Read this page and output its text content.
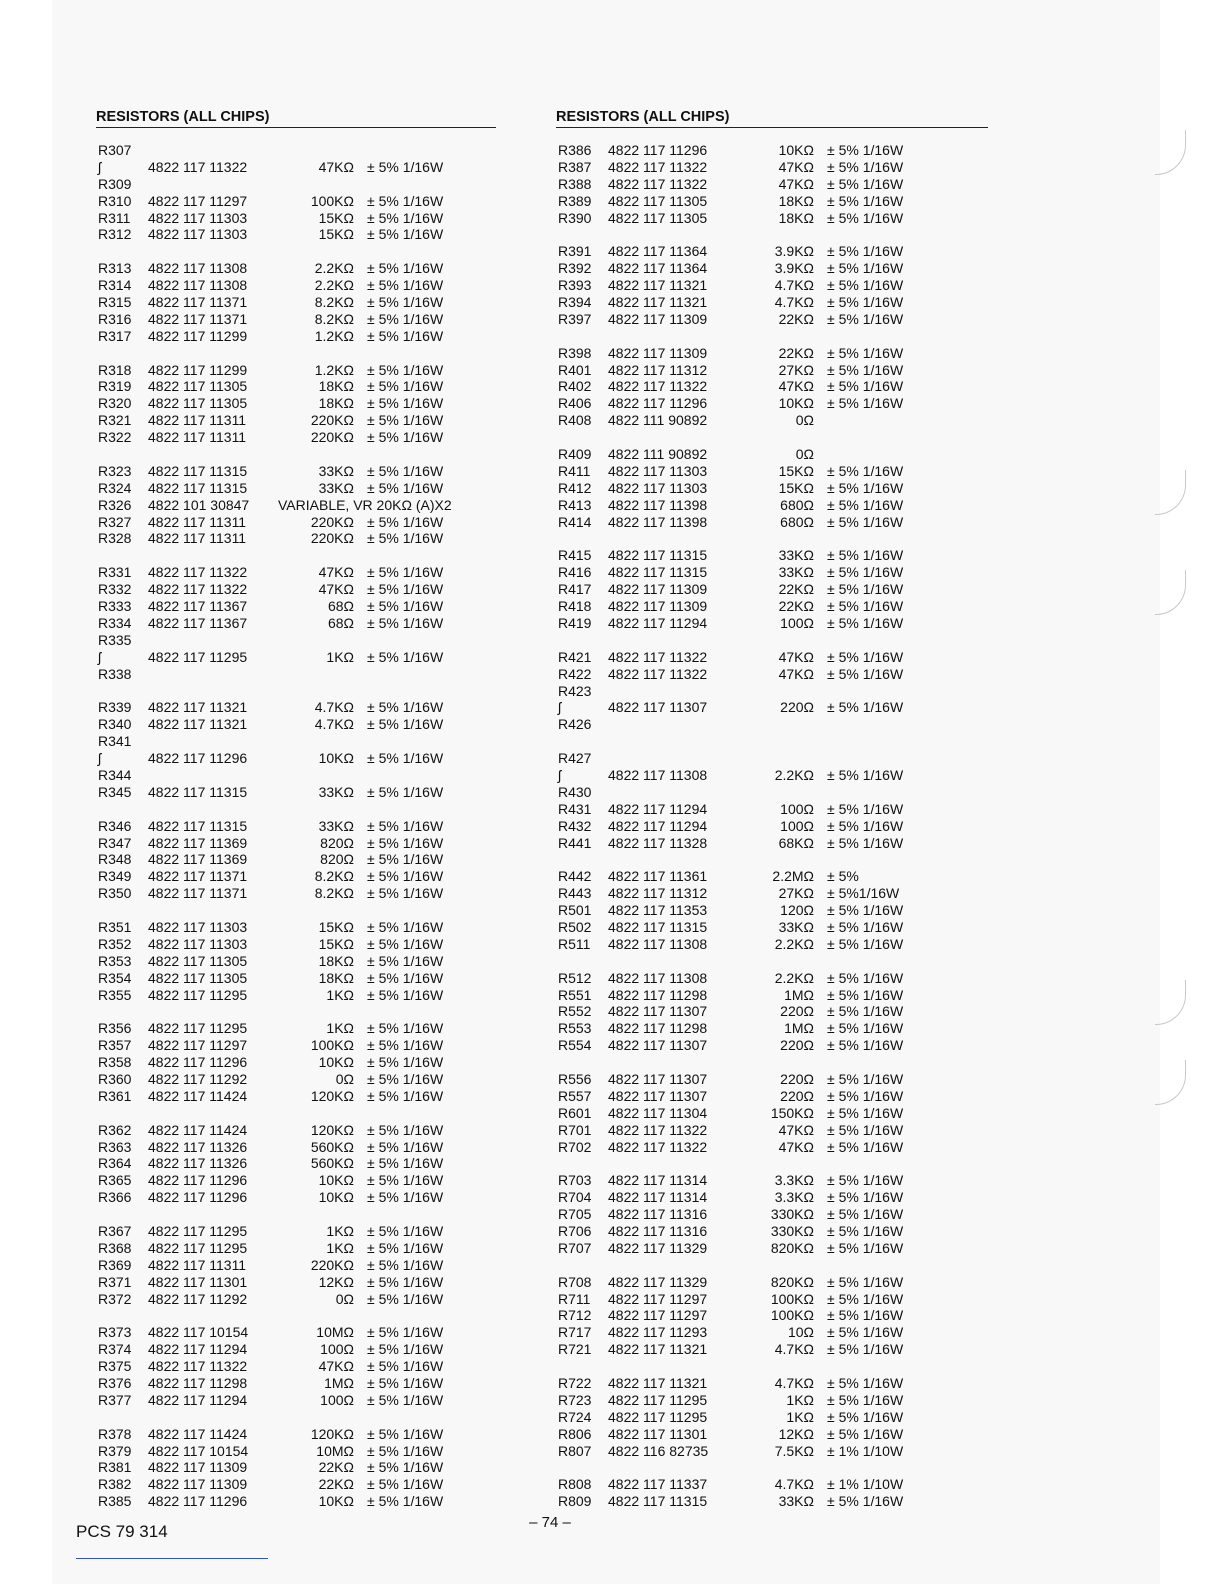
RESISTORS (ALL CHIPS)
R307
ʃ	4822 117 11322	47KΩ ± 5% 1/16W
R309
R310 4822 117 11297	100KΩ ± 5% 1/16W
R311 4822 117 11303	15KΩ ± 5% 1/16W
R312 4822 117 11303	15KΩ ± 5% 1/16W
R313 4822 117 11308	2.2KΩ ± 5% 1/16W
R314 4822 117 11308	2.2KΩ ± 5% 1/16W
R315 4822 117 11371	8.2KΩ ± 5% 1/16W
R316 4822 117 11371	8.2KΩ ± 5% 1/16W
R317 4822 117 11299	1.2KΩ ± 5% 1/16W
R318 4822 117 11299	1.2KΩ ± 5% 1/16W
R319 4822 117 11305	18KΩ ± 5% 1/16W
R320 4822 117 11305	18KΩ ± 5% 1/16W
R321 4822 117 11311	220KΩ ± 5% 1/16W
R322 4822 117 11311	220KΩ ± 5% 1/16W
R323 4822 117 11315	33KΩ ± 5% 1/16W
R324 4822 117 11315	33KΩ ± 5% 1/16W
R326 4822 101 30847 VARIABLE, VR 20KΩ (A)X2
R327 4822 117 11311	220KΩ ± 5% 1/16W
R328 4822 117 11311	220KΩ ± 5% 1/16W
R331 4822 117 11322	47KΩ ± 5% 1/16W
R332 4822 117 11322	47KΩ ± 5% 1/16W
R333 4822 117 11367	68Ω ± 5% 1/16W
R334 4822 117 11367	68Ω ± 5% 1/16W
R335
ʃ	4822 117 11295	1KΩ ± 5% 1/16W
R338
R339 4822 117 11321	4.7KΩ ± 5% 1/16W
R340 4822 117 11321	4.7KΩ ± 5% 1/16W
R341
ʃ	4822 117 11296	10KΩ ± 5% 1/16W
R344
R345 4822 117 11315	33KΩ ± 5% 1/16W
R346 4822 117 11315	33KΩ ± 5% 1/16W
R347 4822 117 11369	820Ω ± 5% 1/16W
R348 4822 117 11369	820Ω ± 5% 1/16W
R349 4822 117 11371	8.2KΩ ± 5% 1/16W
R350 4822 117 11371	8.2KΩ ± 5% 1/16W
R351 4822 117 11303	15KΩ ± 5% 1/16W
R352 4822 117 11303	15KΩ ± 5% 1/16W
R353 4822 117 11305	18KΩ ± 5% 1/16W
R354 4822 117 11305	18KΩ ± 5% 1/16W
R355 4822 117 11295	1KΩ ± 5% 1/16W
R356 4822 117 11295	1KΩ ± 5% 1/16W
R357 4822 117 11297	100KΩ ± 5% 1/16W
R358 4822 117 11296	10KΩ ± 5% 1/16W
R360 4822 117 11292	0Ω ± 5% 1/16W
R361 4822 117 11424	120KΩ ± 5% 1/16W
R362 4822 117 11424	120KΩ ± 5% 1/16W
R363 4822 117 11326	560KΩ ± 5% 1/16W
R364 4822 117 11326	560KΩ ± 5% 1/16W
R365 4822 117 11296	10KΩ ± 5% 1/16W
R366 4822 117 11296	10KΩ ± 5% 1/16W
R367 4822 117 11295	1KΩ ± 5% 1/16W
R368 4822 117 11295	1KΩ ± 5% 1/16W
R369 4822 117 11311	220KΩ ± 5% 1/16W
R371 4822 117 11301	12KΩ ± 5% 1/16W
R372 4822 117 11292	0Ω ± 5% 1/16W
R373 4822 117 10154	10MΩ ± 5% 1/16W
R374 4822 117 11294	100Ω ± 5% 1/16W
R375 4822 117 11322	47KΩ ± 5% 1/16W
R376 4822 117 11298	1MΩ ± 5% 1/16W
R377 4822 117 11294	100Ω ± 5% 1/16W
R378 4822 117 11424	120KΩ ± 5% 1/16W
R379 4822 117 10154	10MΩ ± 5% 1/16W
R381 4822 117 11309	22KΩ ± 5% 1/16W
R382 4822 117 11309	22KΩ ± 5% 1/16W
R385 4822 117 11296	10KΩ ± 5% 1/16W
RESISTORS (ALL CHIPS)
R386 4822 117 11296	10KΩ ± 5% 1/16W
R387 4822 117 11322	47KΩ ± 5% 1/16W
R388 4822 117 11322	47KΩ ± 5% 1/16W
R389 4822 117 11305	18KΩ ± 5% 1/16W
R390 4822 117 11305	18KΩ ± 5% 1/16W
R391 4822 117 11364	3.9KΩ ± 5% 1/16W
R392 4822 117 11364	3.9KΩ ± 5% 1/16W
R393 4822 117 11321	4.7KΩ ± 5% 1/16W
R394 4822 117 11321	4.7KΩ ± 5% 1/16W
R397 4822 117 11309	22KΩ ± 5% 1/16W
R398 4822 117 11309	22KΩ ± 5% 1/16W
R401 4822 117 11312	27KΩ ± 5% 1/16W
R402 4822 117 11322	47KΩ ± 5% 1/16W
R406 4822 117 11296	10KΩ ± 5% 1/16W
R408 4822 111 90892	0Ω
R409 4822 111 90892	0Ω
R411 4822 117 11303	15KΩ ± 5% 1/16W
R412 4822 117 11303	15KΩ ± 5% 1/16W
R413 4822 117 11398	680Ω ± 5% 1/16W
R414 4822 117 11398	680Ω ± 5% 1/16W
R415 4822 117 11315	33KΩ ± 5% 1/16W
R416 4822 117 11315	33KΩ ± 5% 1/16W
R417 4822 117 11309	22KΩ ± 5% 1/16W
R418 4822 117 11309	22KΩ ± 5% 1/16W
R419 4822 117 11294	100Ω ± 5% 1/16W
R421 4822 117 11322	47KΩ ± 5% 1/16W
R422 4822 117 11322	47KΩ ± 5% 1/16W
R423
ʃ	4822 117 11307	220Ω ± 5% 1/16W
R426
R427
ʃ	4822 117 11308	2.2KΩ ± 5% 1/16W
R430
R431 4822 117 11294	100Ω ± 5% 1/16W
R432 4822 117 11294	100Ω ± 5% 1/16W
R441 4822 117 11328	68KΩ ± 5% 1/16W
R442 4822 117 11361	2.2MΩ ± 5%
R443 4822 117 11312	27KΩ ± 5%1/16W
R501 4822 117 11353	120Ω ± 5% 1/16W
R502 4822 117 11315	33KΩ ± 5% 1/16W
R511 4822 117 11308	2.2KΩ ± 5% 1/16W
R512 4822 117 11308	2.2KΩ ± 5% 1/16W
R551 4822 117 11298	1MΩ ± 5% 1/16W
R552 4822 117 11307	220Ω ± 5% 1/16W
R553 4822 117 11298	1MΩ ± 5% 1/16W
R554 4822 117 11307	220Ω ± 5% 1/16W
R556 4822 117 11307	220Ω ± 5% 1/16W
R557 4822 117 11307	220Ω ± 5% 1/16W
R601 4822 117 11304	150KΩ ± 5% 1/16W
R701 4822 117 11322	47KΩ ± 5% 1/16W
R702 4822 117 11322	47KΩ ± 5% 1/16W
R703 4822 117 11314	3.3KΩ ± 5% 1/16W
R704 4822 117 11314	3.3KΩ ± 5% 1/16W
R705 4822 117 11316	330KΩ ± 5% 1/16W
R706 4822 117 11316	330KΩ ± 5% 1/16W
R707 4822 117 11329	820KΩ ± 5% 1/16W
R708 4822 117 11329	820KΩ ± 5% 1/16W
R711 4822 117 11297	100KΩ ± 5% 1/16W
R712 4822 117 11297	100KΩ ± 5% 1/16W
R717 4822 117 11293	10Ω ± 5% 1/16W
R721 4822 117 11321	4.7KΩ ± 5% 1/16W
R722 4822 117 11321	4.7KΩ ± 5% 1/16W
R723 4822 117 11295	1KΩ ± 5% 1/16W
R724 4822 117 11295	1KΩ ± 5% 1/16W
R806 4822 117 11301	12KΩ ± 5% 1/16W
R807 4822 116 82735	7.5KΩ ± 1% 1/10W
R808 4822 117 11337	4.7KΩ ± 1% 1/10W
R809 4822 117 11315	33KΩ ± 5% 1/16W
– 74 –
PCS 79 314
